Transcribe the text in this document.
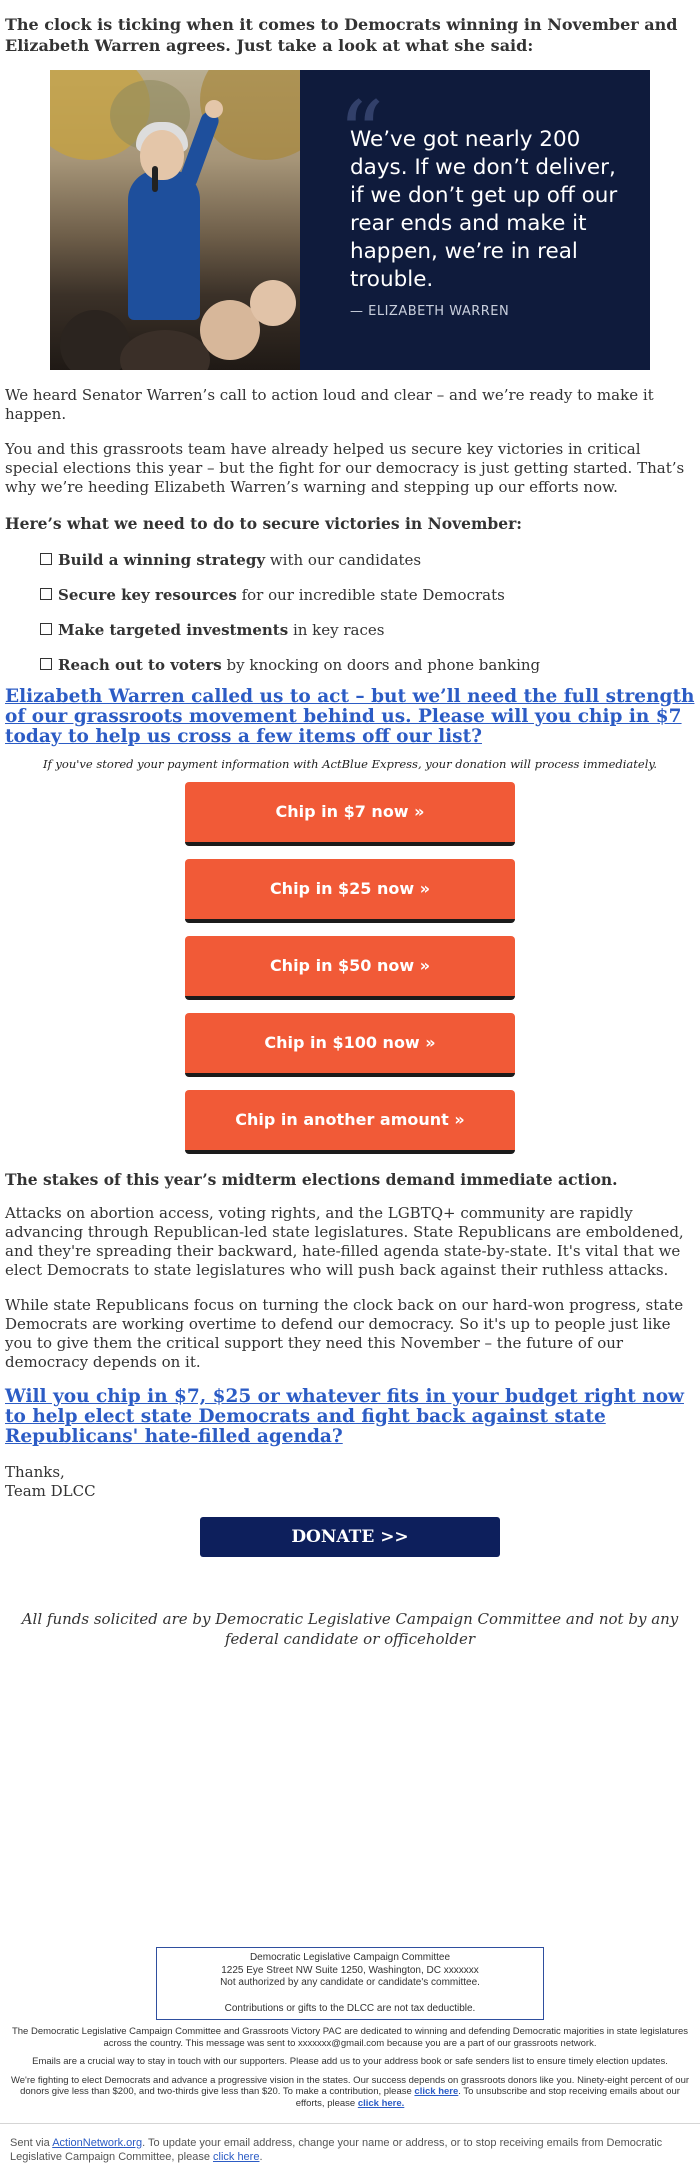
The clock is ticking when it comes to Democrats winning in November and Elizabeth Warren agrees. Just take a look at what she said:

“
We’ve got nearly 200 days. If we don’t deliver, if we don’t get up off our rear ends and make it happen, we’re in real trouble.
— ELIZABETH WARREN

We heard Senator Warren’s call to action loud and clear – and we’re ready to make it happen.

You and this grassroots team have already helped us secure key victories in critical special elections this year – but the fight for our democracy is just getting started. That’s why we’re heeding Elizabeth Warren’s warning and stepping up our efforts now.

Here’s what we need to do to secure victories in November:

Build a winning strategy with our candidates
Secure key resources for our incredible state Democrats
Make targeted investments in key races
Reach out to voters by knocking on doors and phone banking
Elizabeth Warren called us to act – but we’ll need the full strength of our grassroots movement behind us. Please will you chip in $7 today to help us cross a few items off our list?

If you've stored your payment information with ActBlue Express, your donation will process immediately.

Chip in $7 now »
Chip in $25 now »
Chip in $50 now »
Chip in $100 now »
Chip in another amount »

The stakes of this year’s midterm elections demand immediate action.

Attacks on abortion access, voting rights, and the LGBTQ+ community are rapidly advancing through Republican-led state legislatures. State Republicans are emboldened, and they're spreading their backward, hate-filled agenda state-by-state. It's vital that we elect Democrats to state legislatures who will push back against their ruthless attacks.

While state Republicans focus on turning the clock back on our hard-won progress, state Democrats are working overtime to defend our democracy. So it's up to people just like you to give them the critical support they need this November – the future of our democracy depends on it.

Will you chip in $7, $25 or whatever fits in your budget right now to help elect state Democrats and fight back against state Republicans' hate-filled agenda?

Thanks,

Team DLCC

DONATE >>

All funds solicited are by Democratic Legislative Campaign Committee and not by any federal candidate or officeholder

Democratic Legislative Campaign Committee
1225 Eye Street NW Suite 1250, Washington, DC xxxxxxx
Not authorized by any candidate or candidate's committee.
Contributions or gifts to the DLCC are not tax deductible.

The Democratic Legislative Campaign Committee and Grassroots Victory PAC are dedicated to winning and defending Democratic majorities in state legislatures across the country. This message was sent to xxxxxxx@gmail.com because you are a part of our grassroots network.

Emails are a crucial way to stay in touch with our supporters. Please add us to your address book or safe senders list to ensure timely election updates.

We're fighting to elect Democrats and advance a progressive vision in the states. Our success depends on grassroots donors like you. Ninety-eight percent of our donors give less than $200, and two-thirds give less than $20. To make a contribution, please click here. To unsubscribe and stop receiving emails about our efforts, please click here.

Sent via ActionNetwork.org. To update your email address, change your name or address, or to stop receiving emails from Democratic Legislative Campaign Committee, please click here.
